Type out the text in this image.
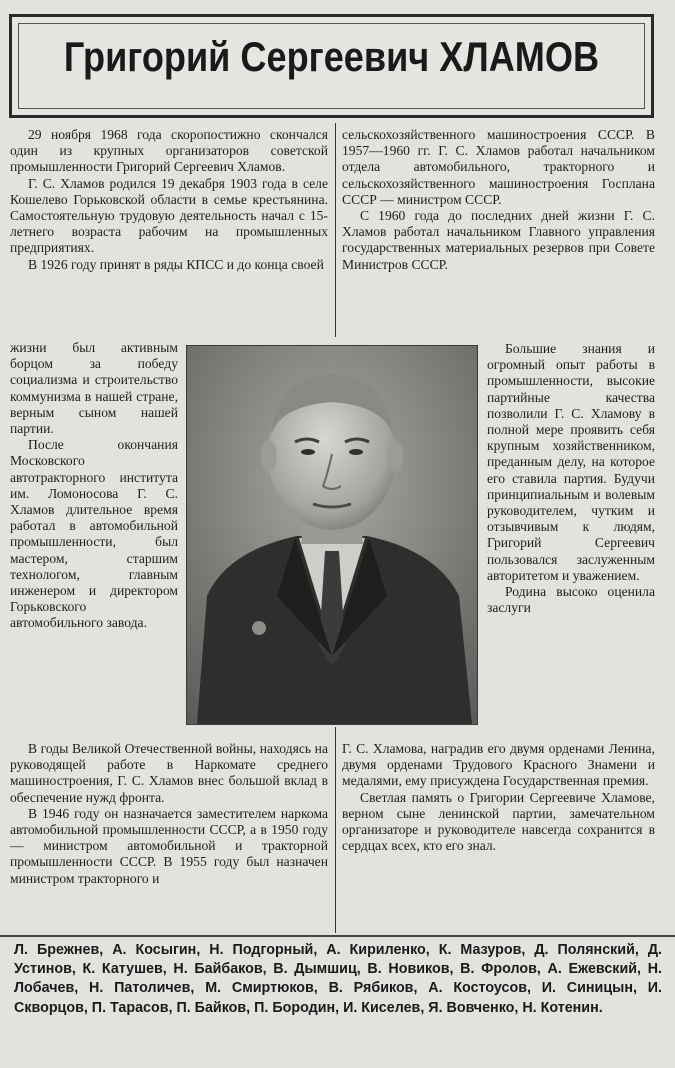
Григорий Сергеевич ХЛАМОВ

29 ноября 1968 года скоропостижно скончался один из крупных организаторов советской промышленности Григорий Сергеевич Хламов.

Г. С. Хламов родился 19 декабря 1903 года в селе Кошелево Горьковской области в семье крестьянина. Самостоятельную трудовую деятельность начал с 15-летнего возраста рабочим на промышленных предприятиях.

В 1926 году принят в ряды КПСС и до конца своей

жизни был активным борцом за победу социализма и строительство коммунизма в нашей стране, верным сыном нашей партии.

После окончания Московского автотракторного института им. Ломоносова Г. С. Хламов длительное время работал в автомобильной промышленности, был мастером, старшим технологом, главным инженером и директором Горьковского автомобильного завода.

В годы Великой Отечественной войны, находясь на руководящей работе в Наркомате среднего машиностроения, Г. С. Хламов внес большой вклад в обеспечение нужд фронта.

В 1946 году он назначается заместителем наркома автомобильной промышленности СССР, а в 1950 году — министром автомобильной и тракторной промышленности СССР. В 1955 году был назначен министром тракторного и

сельскохозяйственного машиностроения СССР. В 1957—1960 гг. Г. С. Хламов работал начальником отдела автомобильного, тракторного и сельскохозяйственного машиностроения Госплана СССР — министром СССР.

С 1960 года до последних дней жизни Г. С. Хламов работал начальником Главного управления государственных материальных резервов при Совете Министров СССР.

Большие знания и огромный опыт работы в промышленности, высокие партийные качества позволили Г. С. Хламову в полной мере проявить себя крупным хозяйственником, преданным делу, на которое его ставила партия. Будучи принципиальным и волевым руководителем, чутким и отзывчивым к людям, Григорий Сергеевич пользовался заслуженным авторитетом и уважением.

Родина высоко оценила заслуги

Г. С. Хламова, наградив его двумя орденами Ленина, двумя орденами Трудового Красного Знамени и медалями, ему присуждена Государственная премия.

Светлая память о Григории Сергеевиче Хламове, верном сыне ленинской партии, замечательном организаторе и руководителе навсегда сохранится в сердцах всех, кто его знал.

Л. Брежнев, А. Косыгин, Н. Подгорный, А. Кириленко, К. Мазуров, Д. Полянский, Д. Устинов, К. Катушев, Н. Байбаков, В. Дымшиц, В. Новиков, В. Фролов, А. Ежевский, Н. Лобачев, Н. Патоличев, М. Смиртюков, В. Рябиков, А. Костоусов, И. Синицын, И. Скворцов, П. Тарасов, П. Байков, П. Бородин, И. Киселев, Я. Вовченко, Н. Котенин.
